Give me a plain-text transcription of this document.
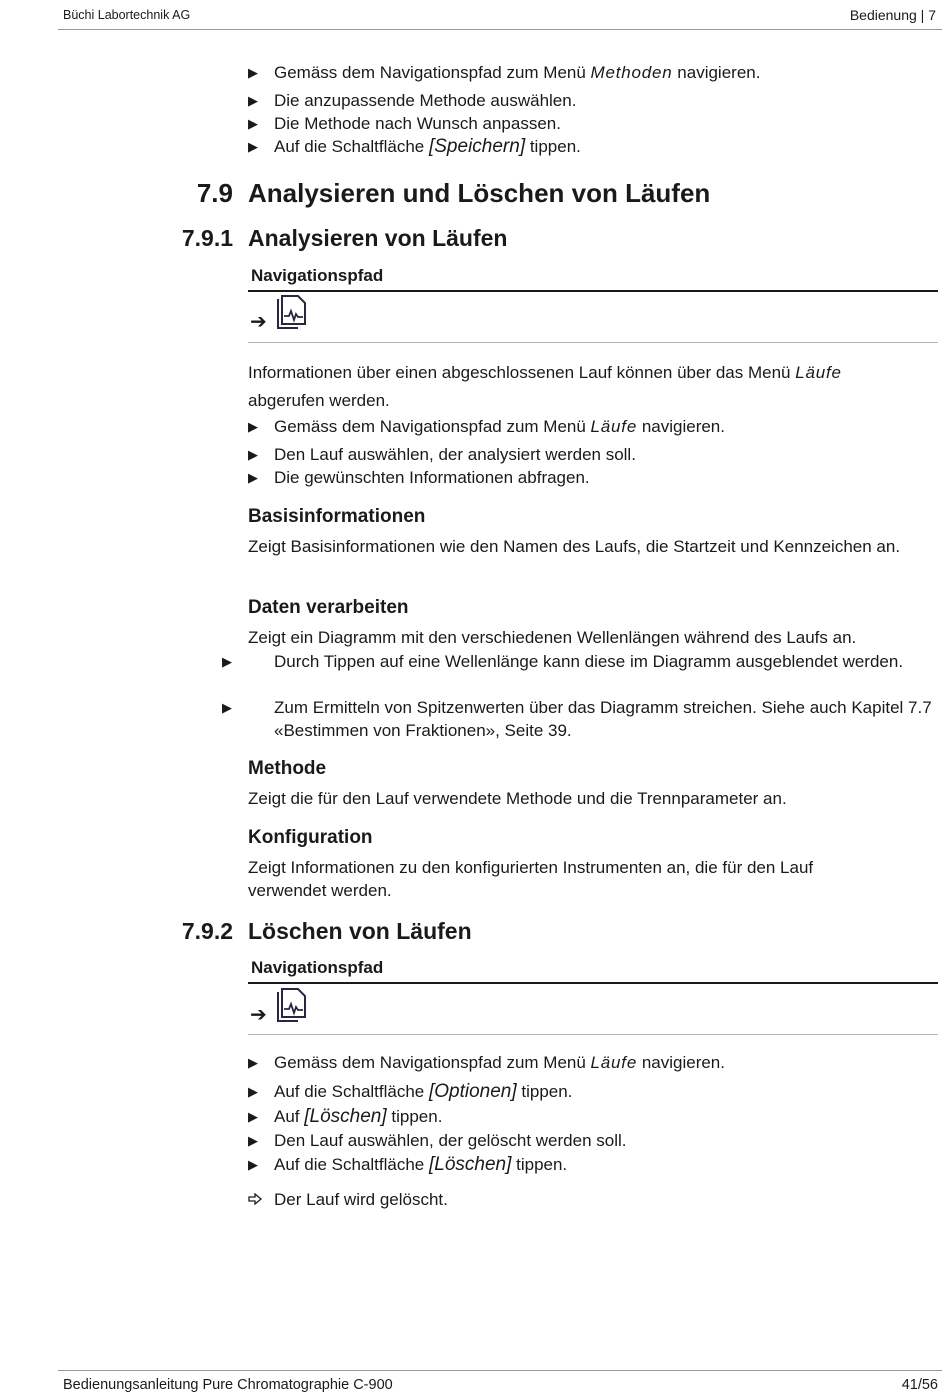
Büchi Labortechnik AG	Bedienung | 7
▶ Gemäss dem Navigationspfad zum Menü Methoden navigieren.
▶ Die anzupassende Methode auswählen.
▶ Die Methode nach Wunsch anpassen.
▶ Auf die Schaltfläche [Speichern] tippen.
7.9 Analysieren und Löschen von Läufen
7.9.1 Analysieren von Läufen
Navigationspfad
➔
Informationen über einen abgeschlossenen Lauf können über das Menü Läufe
abgerufen werden.
▶ Gemäss dem Navigationspfad zum Menü Läufe navigieren.
▶ Den Lauf auswählen, der analysiert werden soll.
▶ Die gewünschten Informationen abfragen.
Basisinformationen
Zeigt Basisinformationen wie den Namen des Laufs, die Startzeit und Kennzeichen an.
Daten verarbeiten
Zeigt ein Diagramm mit den verschiedenen Wellenlängen während des Laufs an.
▶ Durch Tippen auf eine Wellenlänge kann diese im Diagramm ausgeblendet werden.
▶ Zum Ermitteln von Spitzenwerten über das Diagramm streichen. Siehe auch Kapitel 7.7 «Bestimmen von Fraktionen», Seite 39.
Methode
Zeigt die für den Lauf verwendete Methode und die Trennparameter an.
Konfiguration
Zeigt Informationen zu den konfigurierten Instrumenten an, die für den Lauf verwendet werden.
7.9.2 Löschen von Läufen
Navigationspfad
➔
▶ Gemäss dem Navigationspfad zum Menü Läufe navigieren.
▶ Auf die Schaltfläche [Optionen] tippen.
▶ Auf [Löschen] tippen.
▶ Den Lauf auswählen, der gelöscht werden soll.
▶ Auf die Schaltfläche [Löschen] tippen.
Der Lauf wird gelöscht.
Bedienungsanleitung Pure Chromatographie C-900	41/56
